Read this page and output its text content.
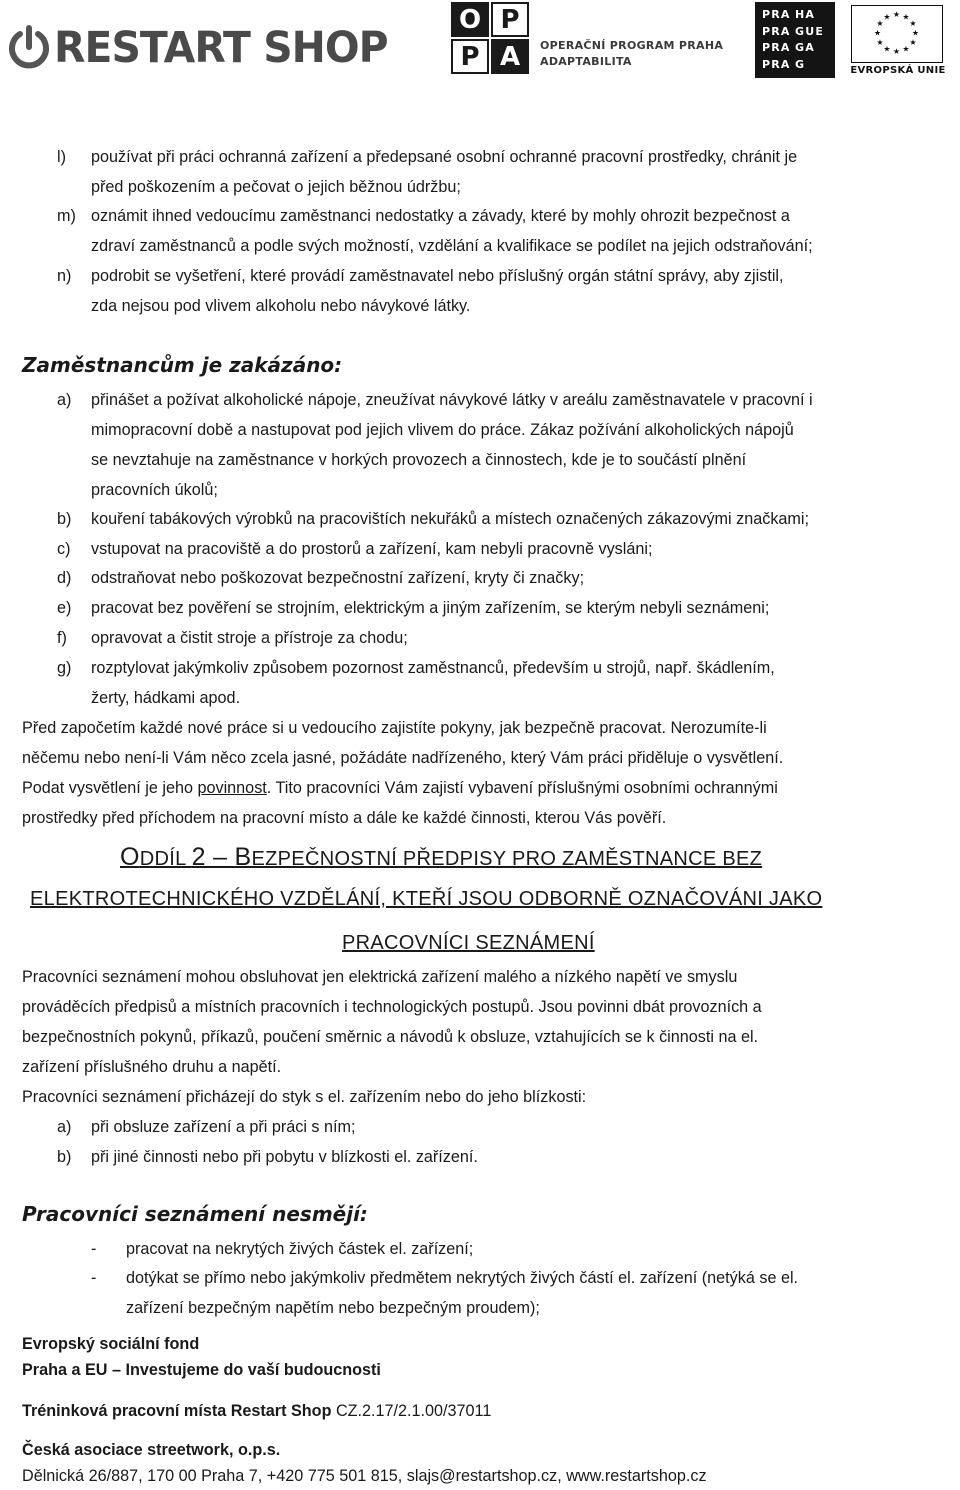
RESTART SHOP
O P
P A	OPERAČNÍ PROGRAM PRAHA
ADAPTABILITA
PRA HA
PRA GUE
PRA GA
PRA G
★ ★
★
★
★
★
★
★
★
★
★
★
EVROPSKÁ UNIE
l) používat při práci ochranná zařízení a předepsané osobní ochranné pracovní prostředky, chránit je
před poškozením a pečovat o jejich běžnou údržbu;
m) oznámit ihned vedoucímu zaměstnanci nedostatky a závady, které by mohly ohrozit bezpečnost a
zdraví zaměstnanců a podle svých možností, vzdělání a kvalifikace se podílet na jejich odstraňování;
n) podrobit se vyšetření, které provádí zaměstnavatel nebo příslušný orgán státní správy, aby zjistil,
zda nejsou pod vlivem alkoholu nebo návykové látky.
Zaměstnancům je zakázáno:
a) přinášet a požívat alkoholické nápoje, zneužívat návykové látky v areálu zaměstnavatele v pracovní i
mimopracovní době a nastupovat pod jejich vlivem do práce. Zákaz požívání alkoholických nápojů
se nevztahuje na zaměstnance v horkých provozech a činnostech, kde je to součástí plnění
pracovních úkolů;
b) kouření tabákových výrobků na pracovištích nekuřáků a místech označených zákazovými značkami;
c) vstupovat na pracoviště a do prostorů a zařízení, kam nebyli pracovně vysláni;
d) odstraňovat nebo poškozovat bezpečnostní zařízení, kryty či značky;
e) pracovat bez pověření se strojním, elektrickým a jiným zařízením, se kterým nebyli seznámeni;
f) opravovat a čistit stroje a přístroje za chodu;
g) rozptylovat jakýmkoliv způsobem pozornost zaměstnanců, především u strojů, např. škádlením,
žerty, hádkami apod.
Před započetím každé nové práce si u vedoucího zajistíte pokyny, jak bezpečně pracovat. Nerozumíte-li
něčemu nebo není-li Vám něco zcela jasné, požádáte nadřízeného, který Vám práci přiděluje o vysvětlení.
Podat vysvětlení je jeho povinnost. Tito pracovníci Vám zajistí vybavení příslušnými osobními ochrannými
prostředky před příchodem na pracovní místo a dále ke každé činnosti, kterou Vás pověří.
ODDÍL 2 – BEZPEČNOSTNÍ PŘEDPISY PRO ZAMĚSTNANCE BEZ
ELEKTROTECHNICKÉHO VZDĚLÁNÍ, KTEŘÍ JSOU ODBORNĚ OZNAČOVÁNI JAKO
PRACOVNÍCI SEZNÁMENÍ
Pracovníci seznámení mohou obsluhovat jen elektrická zařízení malého a nízkého napětí ve smyslu
prováděcích předpisů a místních pracovních i technologických postupů. Jsou povinni dbát provozních a
bezpečnostních pokynů, příkazů, poučení směrnic a návodů k obsluze, vztahujících se k činnosti na el.
zařízení příslušného druhu a napětí.
Pracovníci seznámení přicházejí do styk s el. zařízením nebo do jeho blízkosti:
a) při obsluze zařízení a při práci s ním;
b) při jiné činnosti nebo při pobytu v blízkosti el. zařízení.
Pracovníci seznámení nesmějí:
- pracovat na nekrytých živých částek el. zařízení;
- dotýkat se přímo nebo jakýmkoliv předmětem nekrytých živých částí el. zařízení (netýká se el.
zařízení bezpečným napětím nebo bezpečným proudem);
Evropský sociální fond
Praha a EU – Investujeme do vaší budoucnosti
Tréninková pracovní místa Restart Shop CZ.2.17/2.1.00/37011
Česká asociace streetwork, o.p.s.
Dělnická 26/887, 170 00 Praha 7, +420 775 501 815, slajs@restartshop.cz, www.restartshop.cz
